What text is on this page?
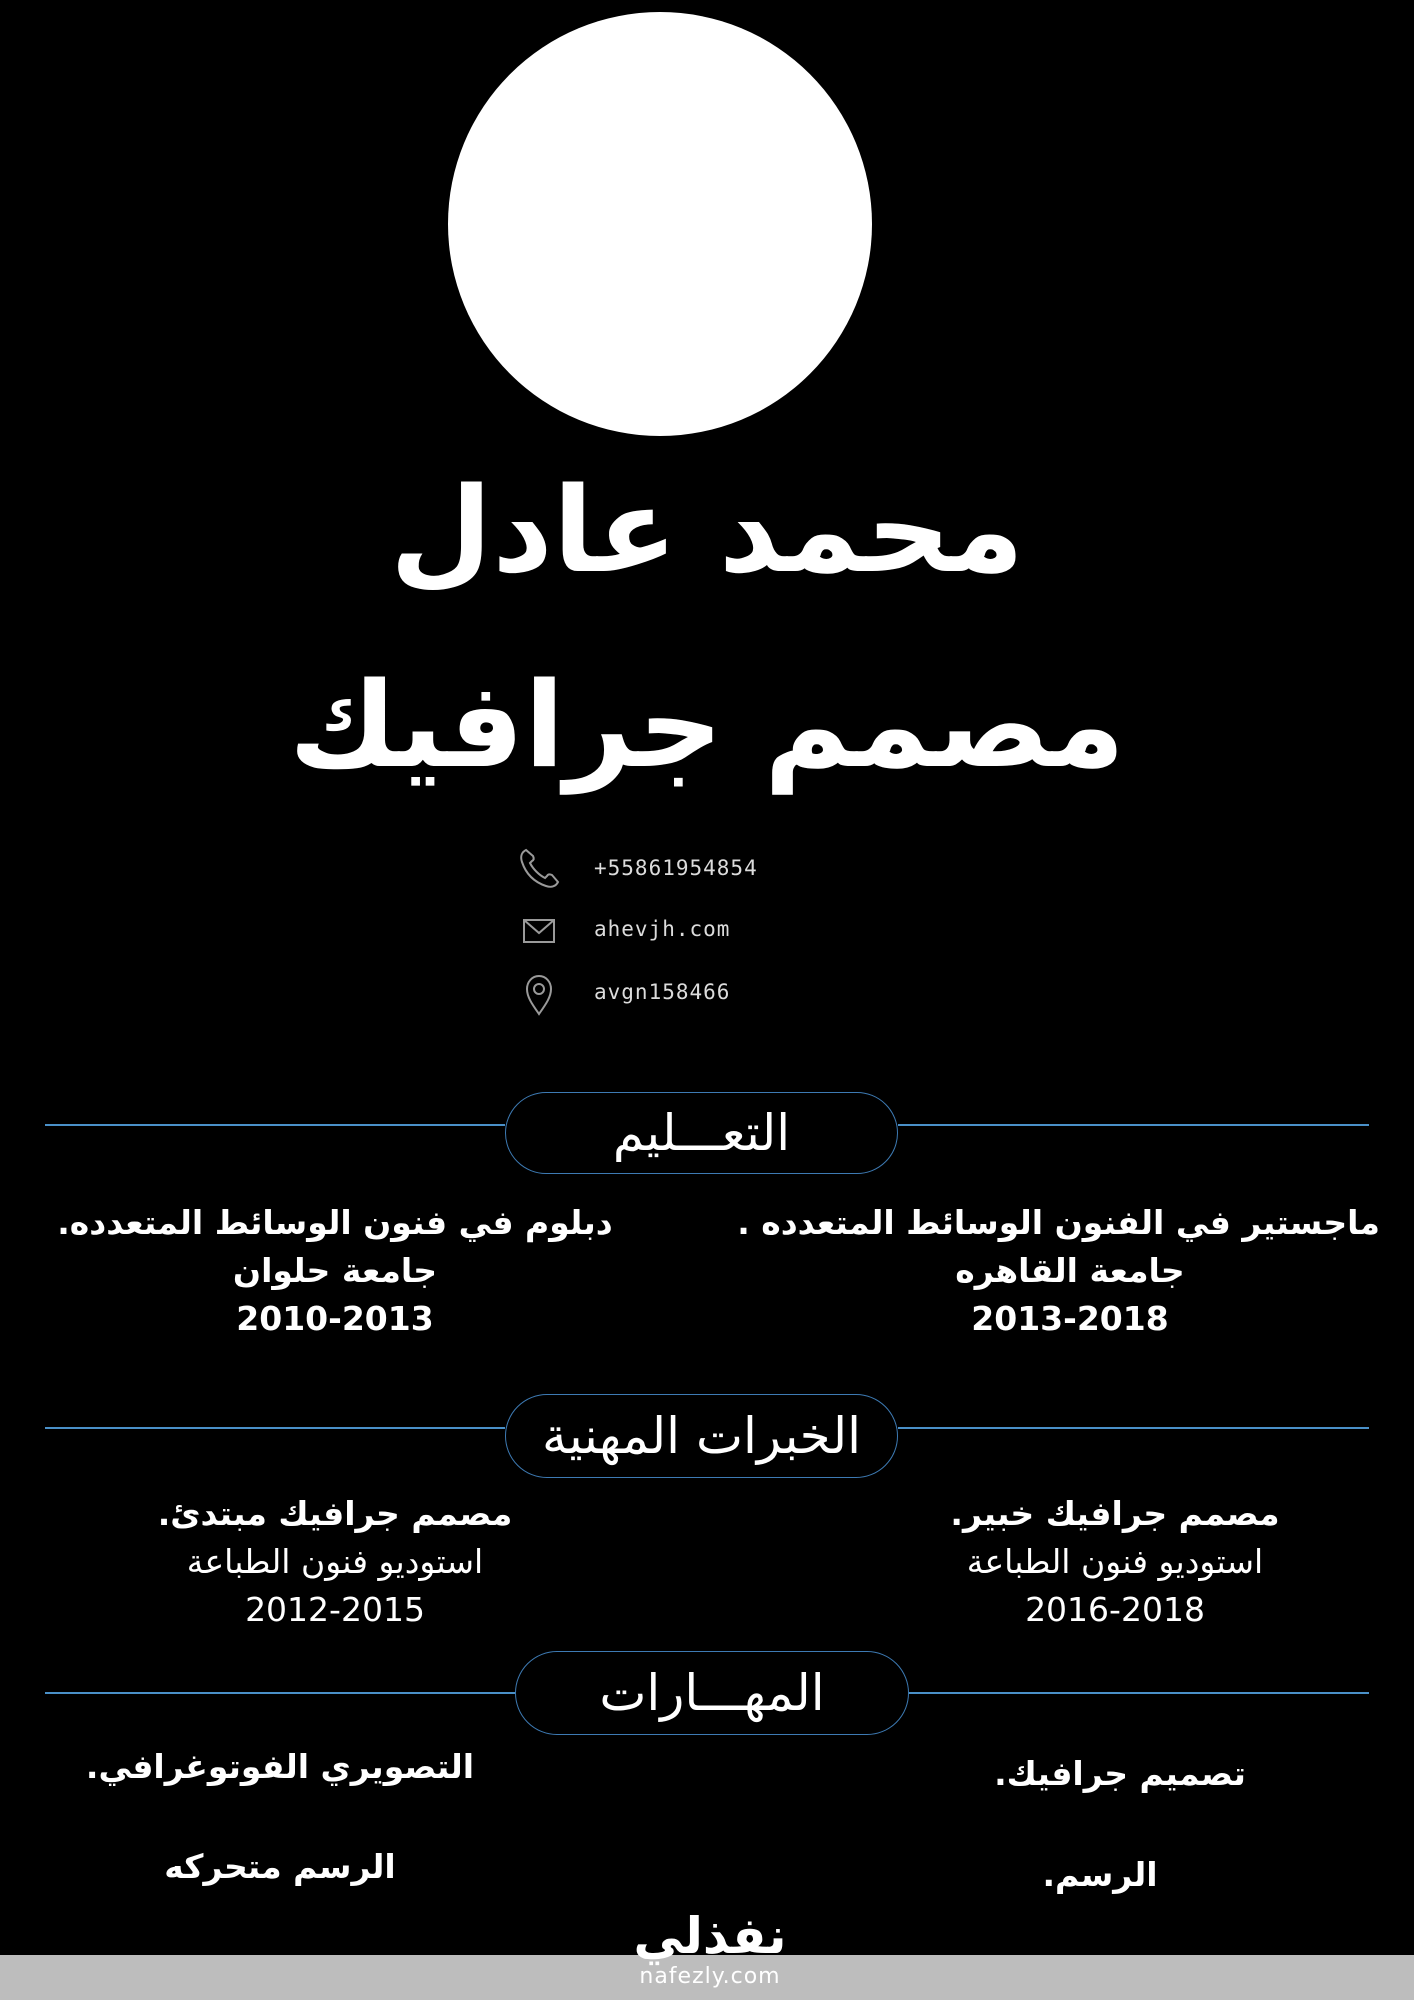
محمد عادل
مصمم جرافيك
+55861954854
ahevjh.com
avgn158466
التعـــليم
ماجستير في الفنون الوسائط المتعدده .
جامعة القاهره
2013-2018
دبلوم في فنون الوسائط المتعدده.
جامعة حلوان
2010-2013
الخبرات المهنية
مصمم جرافيك خبير.
استوديو فنون الطباعة
2016-2018
مصمم جرافيك مبتدئ.
استوديو فنون الطباعة
2012-2015
المهـــارات
تصميم جرافيك.
التصويري الفوتوغرافي.
الرسم.
الرسم متحركه
نفذلي
nafezly.com
